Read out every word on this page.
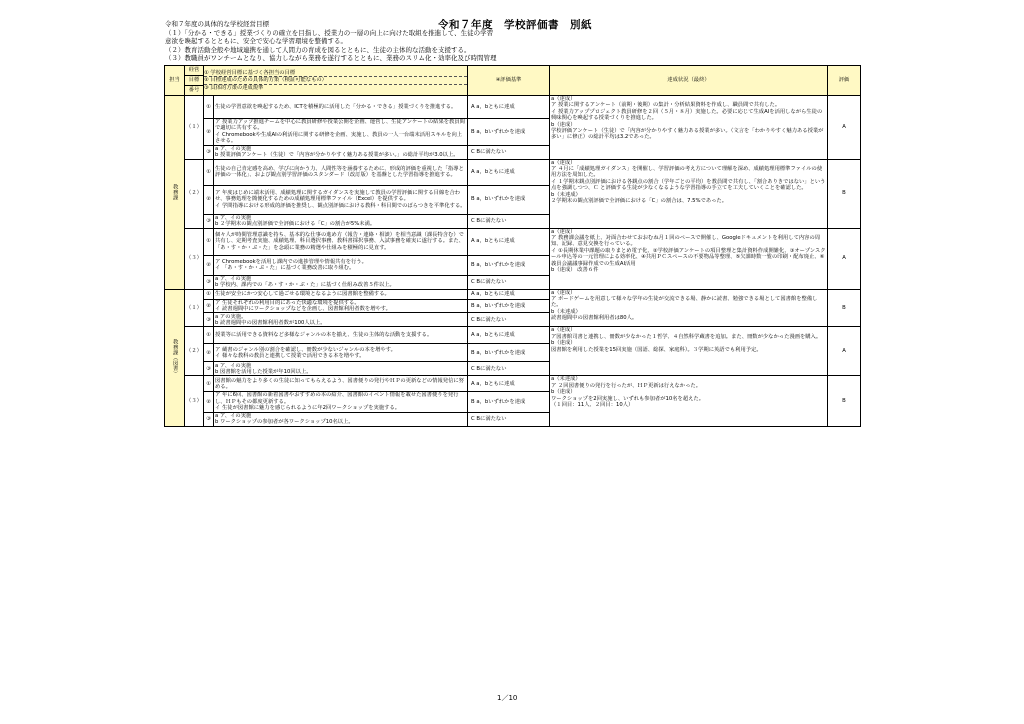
令和７年度の具体的な学校経営目標
（１）「分かる・できる」授業づくりの確立を目指し、授業力の一層の向上に向けた取組を推進して、生徒の学習
意欲を喚起するとともに、安全で安心な学習環境を整備する。
（２）教育活動全般や地域連携を通して人間力の育成を図るとともに、生徒の主体的な活動を支援する。
（３）教職員がワンチームとなり、協力しながら業務を遂行するとともに、業務のスリム化・効率化及び時間管理
令和７年度　学校評価書　別紙
担当	経営	① 学校経営目標に基づく各担当の目標
② 目標達成のための具体的方策（検証可能なもの）
③ 具体的方策の達成規準		④評価基準	達成状況（最終）	評価
	目標					
	番号					
教務課	（１）	①	生徒の学習意欲を喚起するため、ICTを積極的に活用した「分かる・できる」授業づくりを推進する。	A a，bともに達成	a（達成）
ア 授業に関するアンケート（前期・後期）の集計・分析結果資料を作成し、職員間で共有した。
イ 授業力アッププロジェクト教員研修を２回（５月・８月）実施した。必要に応じて生成AIを活用しながら生徒の興味関心を喚起する授業づくりを推進した。
b（達成）
学校評価アンケート（生徒）で「内容が分かりやすく魅力ある授業が多い。（文言を「わかりやすく魅力ある授業が多い」に修正）の総計平均は3.2であった。	A
		②	ア 授業力アップ推進チームを中心に教員研修や授業公開を企画、運営し、生徒アンケートの結果を教員間で適切に共有する。
イ Chromebookや生成AIの利活用に関する研修を企画、実施し、教員の一人一台端末活用スキルを向上させる。	B a，bいずれかを達成		
		③	a ア、イの実施
b 授業評価アンケート（生徒）で「内容が分かりやすく魅力ある授業が多い。」の総計平均が3.0以上。	C Bに満たない		
	（２）	①	生徒の自己肯定感を高め、学びに向かう力、人間性等を涵養するために、形成的評価を重視した「指導と評価の一体化」、および観点別学習評価のスタンダード（改訂版）を基盤とした学習指導を推進する。	A a，bともに達成	a（達成）
ア ４月に「成績処理ガイダンス」を開催し、学習評価の考え方について理解を深め、成績処理用標準ファイルの使用方法を周知した。
イ １学期末観点別評価における各観点の割合（学年ごとの平均）を教員間で共有し、「割合ありきではない」という点を強調しつつ、Ｃ と評価する生徒が少なくなるような学習指導の手立てを工夫していくことを確認した。
b（未達成）
２学期末の観点別評価で全評価における「C」の割合は、7.5%であった。	B
		②	ア 年度はじめに端末活用、成績処理に関するガイダンスを実施して教員の学習評価に関する目線を合わせ、事務処理を簡便化するための成績処理用標準ファイル（Excel）を提供する。
イ 学問指導における形成的評価を推奨し、観点別評価における教科・科目間でのばらつきを平準化する。	B a，bいずれかを達成		
		③	a ア、イの実施
b ２学期末の観点別評価で全評価における「C」の割合が5%未満。	C Bに満たない		
	（３）	①	個々人が時間管理意識を持ち、基本的な仕事の進め方（報告・連絡・相談）を相当意識（課長特含む）で共有し、定期考査実施、成績処理、科目選択事務、教科書採択事務、入試事務を確実に遂行する。また、「あ・す・か・ぷ・た」を念頭に業務の精選や仕組みを積極的に見直す。	A a，bともに達成	a（達成）
ア 教務課会議を紙上、対面合わせておおむね月１回のペースで開催し、Googleドキュメントを利用して内容の周知、記録、意見交換を行っている。
イ ①長期休業中課題の取りまとめ電子化、②学校評価アンケートの項目整理と集計資料作成開雑化、③オープンスクール申込等の一元管理による効率化、④共用ＰＣスペースの不要物品等整理、⑤欠課時数一覧の印刷・配布廃止、⑥義員会議議事録作成での生成AI活用
b（達成） 改善６件	A
		②	ア Chromebookを活用し課内での進捗管理や情報共有を行う。
イ 「あ・す・か・ぷ・た」に基づく業務改善に取り組む。	B a，bいずれかを達成		
		③	a ア、イの実施
b 学校内、課内での「あ・す・か・ぷ・た」に基づく仕組み改善５件以上。	C Bに満たない		
教務課（図書）	（１）	①	生徒が安全にかつ安心して過ごせる環境となるように図書館を整備する。	A a，bともに達成	a（達成）
ア ボードゲームを用意して様々な学年の生徒が交流できる場、静かに読書、勉強できる場として図書館を整備した。
b（未達成）
読書週間中の図書館利用者は80人。	B
		②	ア 生徒それぞれの利用目的にあった快適な環境を提供する。
イ 読書週間中にワークショップなどを企画し、図書館利用者数を増やす。	B a，bいずれかを達成		
		③	a アの実施。
b 読書週間中の図書館利用者数が100人以上。	C Bに満たない		
	（２）	①	授業等に活用できる資料など多様なジャンルの本を揃え、生徒の主体的な活動を支援する。	A a，bともに達成	a（達成）
ア図書館司書と連携し、冊数が少なかった１哲学、４自然科学蔵書を追加。また、冊数が少なかった漫画を購入。
b（達成）
図書館を利用した授業を15回実施（国語、総探、家庭科）。３学期に英語でも利用予定。	A
		②	ア 蔵書のジャンル別の割合を確認し、冊数が少ないジャンルの本を増やす。
イ 様々な教科の教員と連携して授業で活用できる本を増やす。	B a，bいずれかを達成		
		③	a ア、イの実施
b 図書館を活用した授業が年10回以上。	C Bに満たない		
	（３）	①	図書館の魅力をより多くの生徒に知ってもらえるよう、図書便りの発行やＨＰの更新などの情報発信に努める。	A a，bともに達成	a（未達成）
ア ２回図書便りの発行を行ったが、ＨＰ更新は行えなかった。
b（達成）
ワークショップを2回実施し、いずれも参加者が10名を超えた。
（１回目：11人、２回目：10人）	B
		②	ア 年に6回、図書館の新着図書やおすすめの本の紹介、図書館のイベント情報を載せた図書便りを発行し、ＨＰもその都度更新する。
イ 生徒が図書館に魅力を感じられるように年2回ワークショップを実施する。	B a，bいずれかを達成		
		③	a ア、イの実施
b ワークショップの参加者が各ワークショップ10名以上。	C Bに満たない		
1／10
